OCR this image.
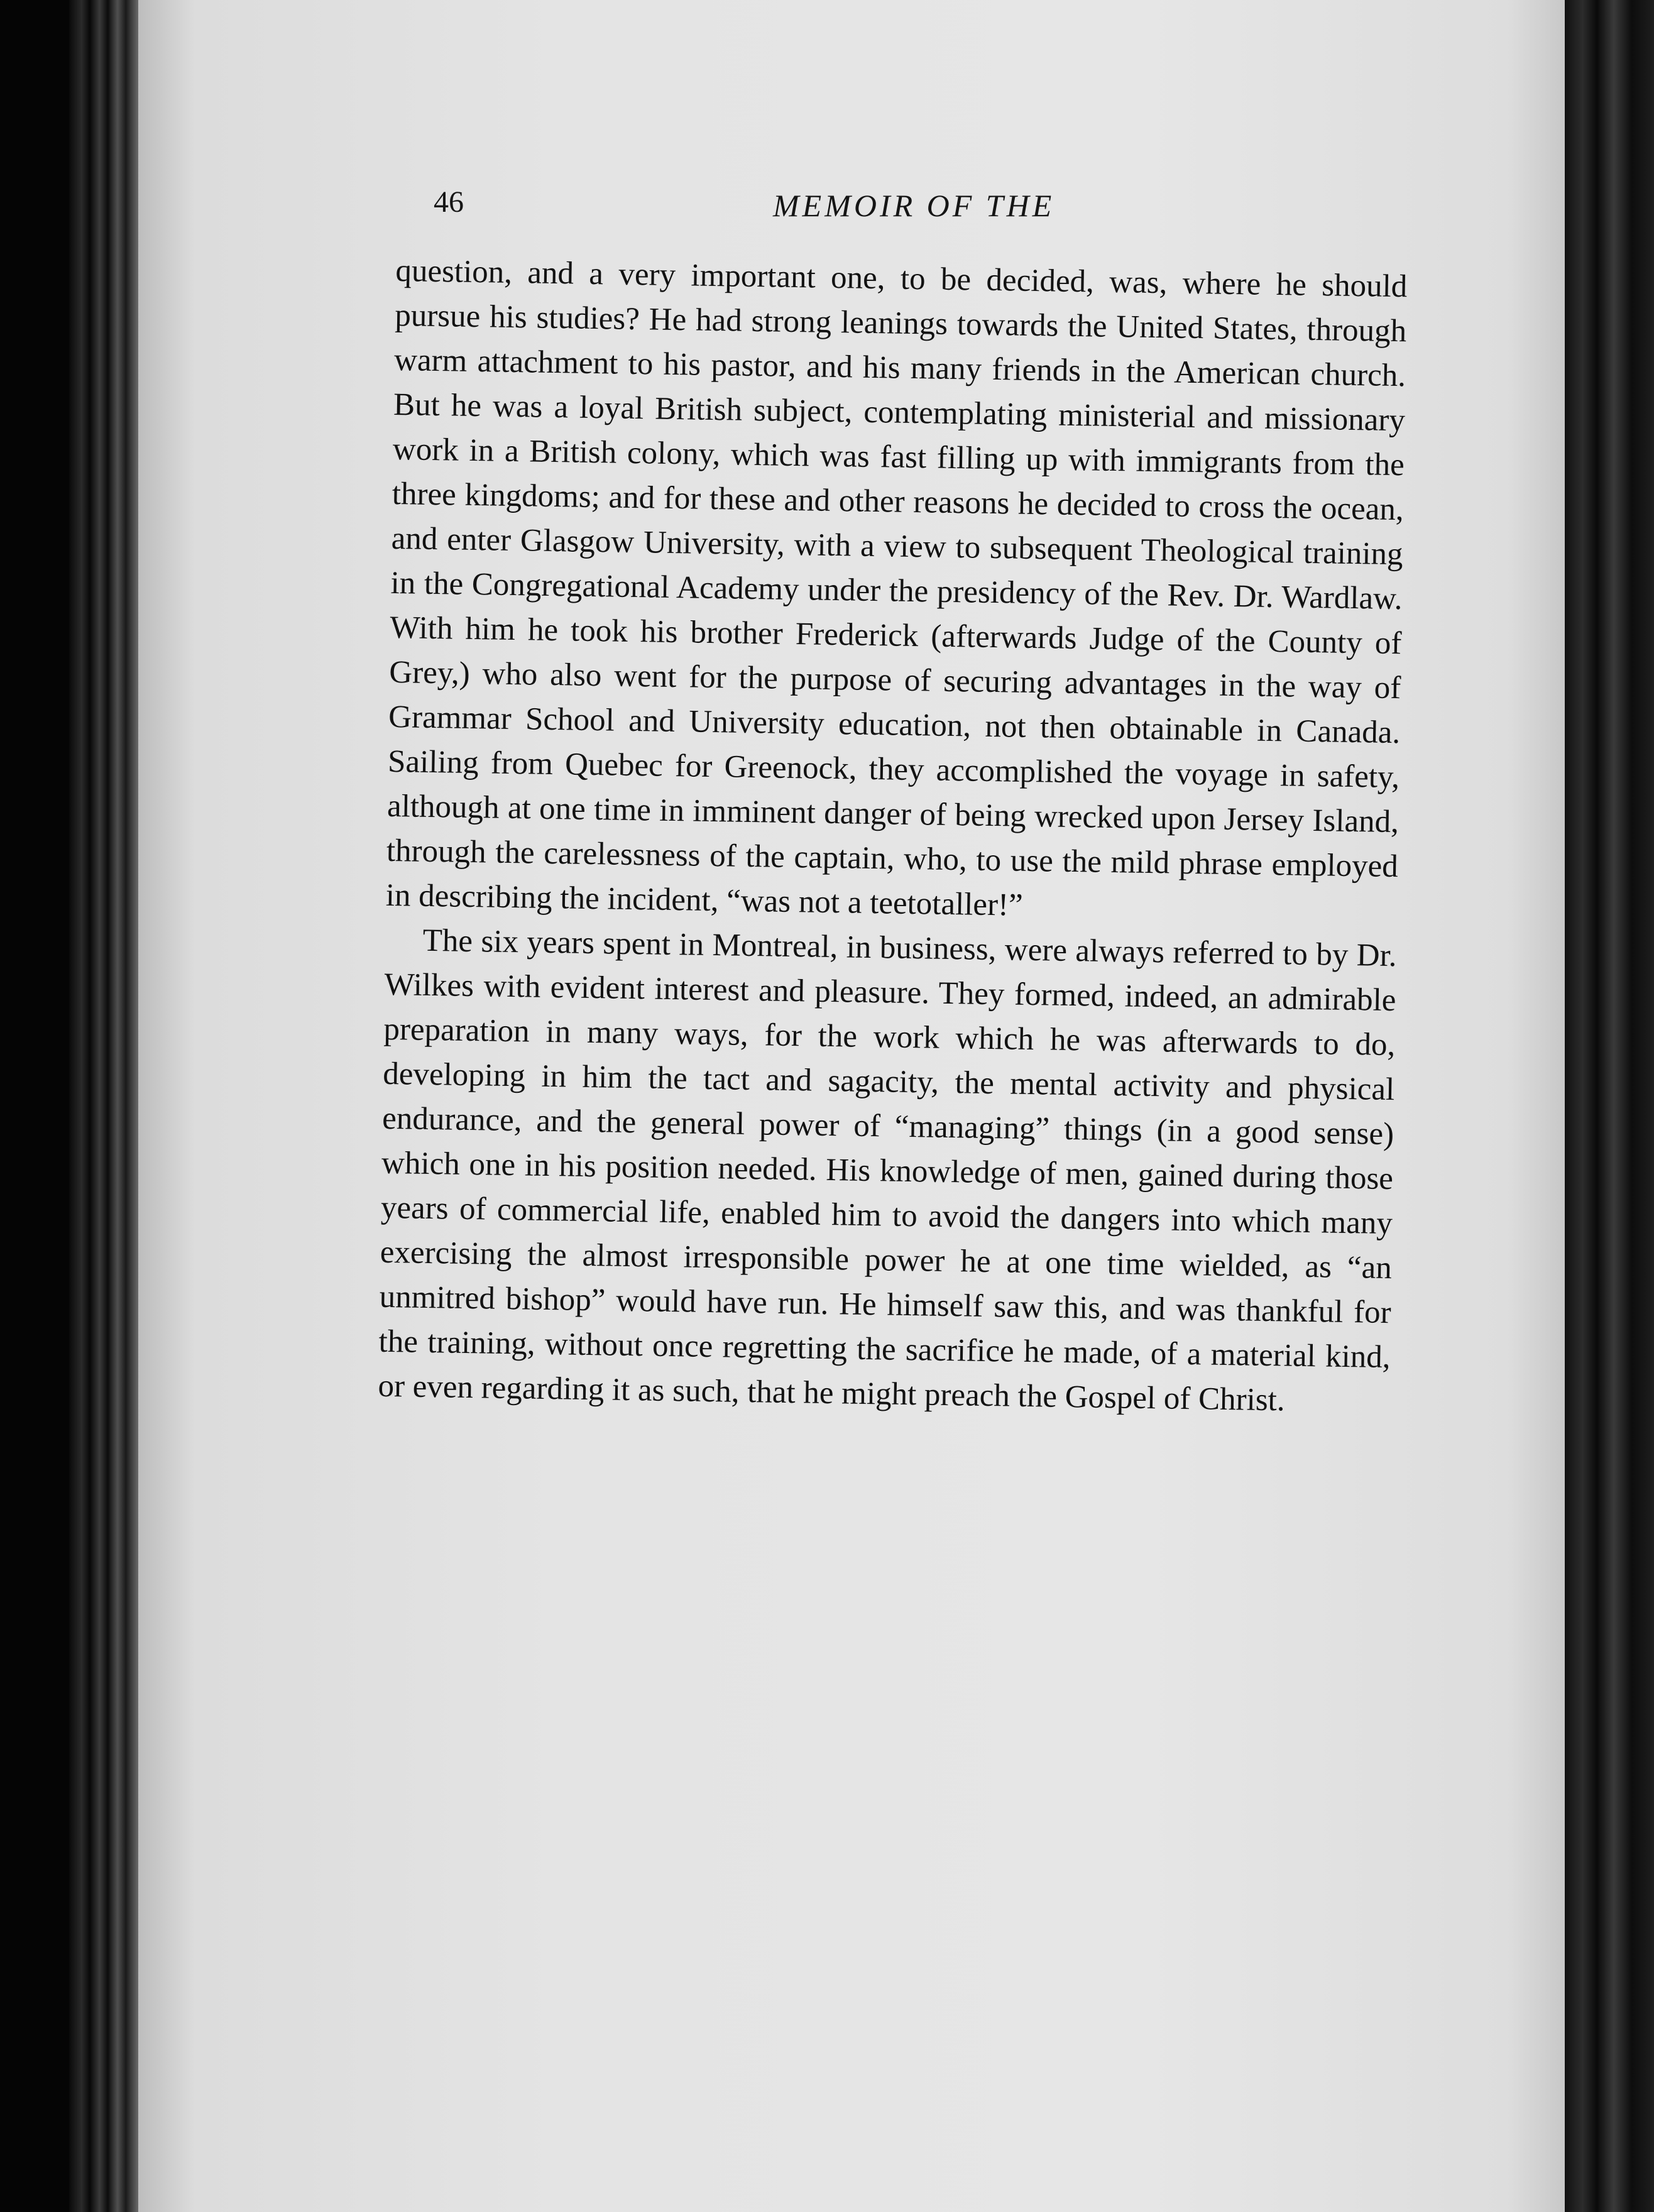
46	MEMOIR OF THE

question, and a very important one, to be decided, was, where he should pursue his studies? He had strong leanings towards the United States, through warm attachment to his pastor, and his many friends in the American church. But he was a loyal British subject, contemplating ministerial and missionary work in a British colony, which was fast filling up with immigrants from the three kingdoms; and for these and other reasons he decided to cross the ocean, and enter Glasgow University, with a view to subsequent Theological training in the Congregational Academy under the presidency of the Rev. Dr. Wardlaw. With him he took his brother Frederick (afterwards Judge of the County of Grey,) who also went for the purpose of securing advantages in the way of Grammar School and University education, not then obtainable in Canada. Sailing from Quebec for Greenock, they accomplished the voyage in safety, although at one time in imminent danger of being wrecked upon Jersey Island, through the carelessness of the captain, who, to use the mild phrase employed in describing the incident, “was not a teetotaller!”

The six years spent in Montreal, in business, were always referred to by Dr. Wilkes with evident interest and pleasure. They formed, indeed, an admirable preparation in many ways, for the work which he was afterwards to do, developing in him the tact and sagacity, the mental activity and physical endurance, and the general power of “managing” things (in a good sense) which one in his position needed. His knowledge of men, gained during those years of commercial life, enabled him to avoid the dangers into which many exercising the almost irresponsible power he at one time wielded, as “an unmitred bishop” would have run. He himself saw this, and was thankful for the training, without once regretting the sacrifice he made, of a material kind, or even regarding it as such, that he might preach the Gospel of Christ.
